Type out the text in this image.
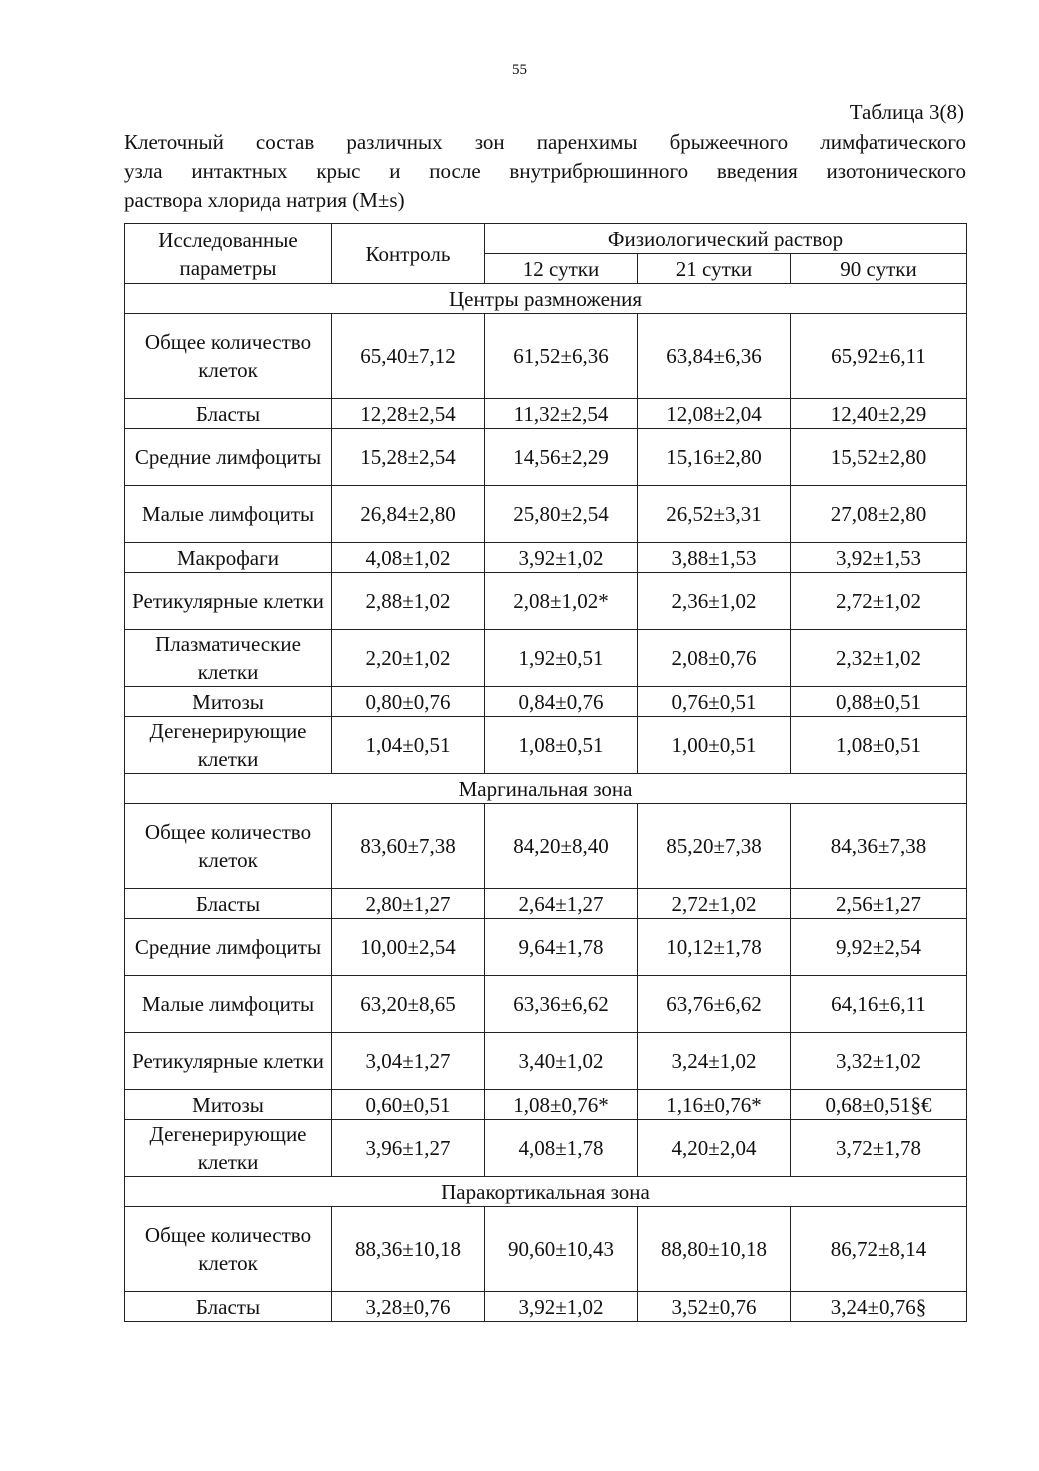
55
Таблица 3(8)
Клеточный состав различных зон паренхимы брыжеечного лимфатического
узла интактных крыс и после внутрибрюшинного введения изотонического
раствора хлорида натрия (М±s)
Исследованные параметры	Контроль	Физиологический раствор		
		12 сутки	21 сутки	90 сутки
Центры размножения				
Общее количество клеток	65,40±7,12	61,52±6,36	63,84±6,36	65,92±6,11
Бласты	12,28±2,54	11,32±2,54	12,08±2,04	12,40±2,29
Средние лимфоциты	15,28±2,54	14,56±2,29	15,16±2,80	15,52±2,80
Малые лимфоциты	26,84±2,80	25,80±2,54	26,52±3,31	27,08±2,80
Макрофаги	4,08±1,02	3,92±1,02	3,88±1,53	3,92±1,53
Ретикулярные клетки	2,88±1,02	2,08±1,02*	2,36±1,02	2,72±1,02
Плазматические клетки	2,20±1,02	1,92±0,51	2,08±0,76	2,32±1,02
Митозы	0,80±0,76	0,84±0,76	0,76±0,51	0,88±0,51
Дегенерирующие клетки	1,04±0,51	1,08±0,51	1,00±0,51	1,08±0,51
Маргинальная зона				
Общее количество клеток	83,60±7,38	84,20±8,40	85,20±7,38	84,36±7,38
Бласты	2,80±1,27	2,64±1,27	2,72±1,02	2,56±1,27
Средние лимфоциты	10,00±2,54	9,64±1,78	10,12±1,78	9,92±2,54
Малые лимфоциты	63,20±8,65	63,36±6,62	63,76±6,62	64,16±6,11
Ретикулярные клетки	3,04±1,27	3,40±1,02	3,24±1,02	3,32±1,02
Митозы	0,60±0,51	1,08±0,76*	1,16±0,76*	0,68±0,51§€
Дегенерирующие клетки	3,96±1,27	4,08±1,78	4,20±2,04	3,72±1,78
Паракортикальная зона				
Общее количество клеток	88,36±10,18	90,60±10,43	88,80±10,18	86,72±8,14
Бласты	3,28±0,76	3,92±1,02	3,52±0,76	3,24±0,76§
